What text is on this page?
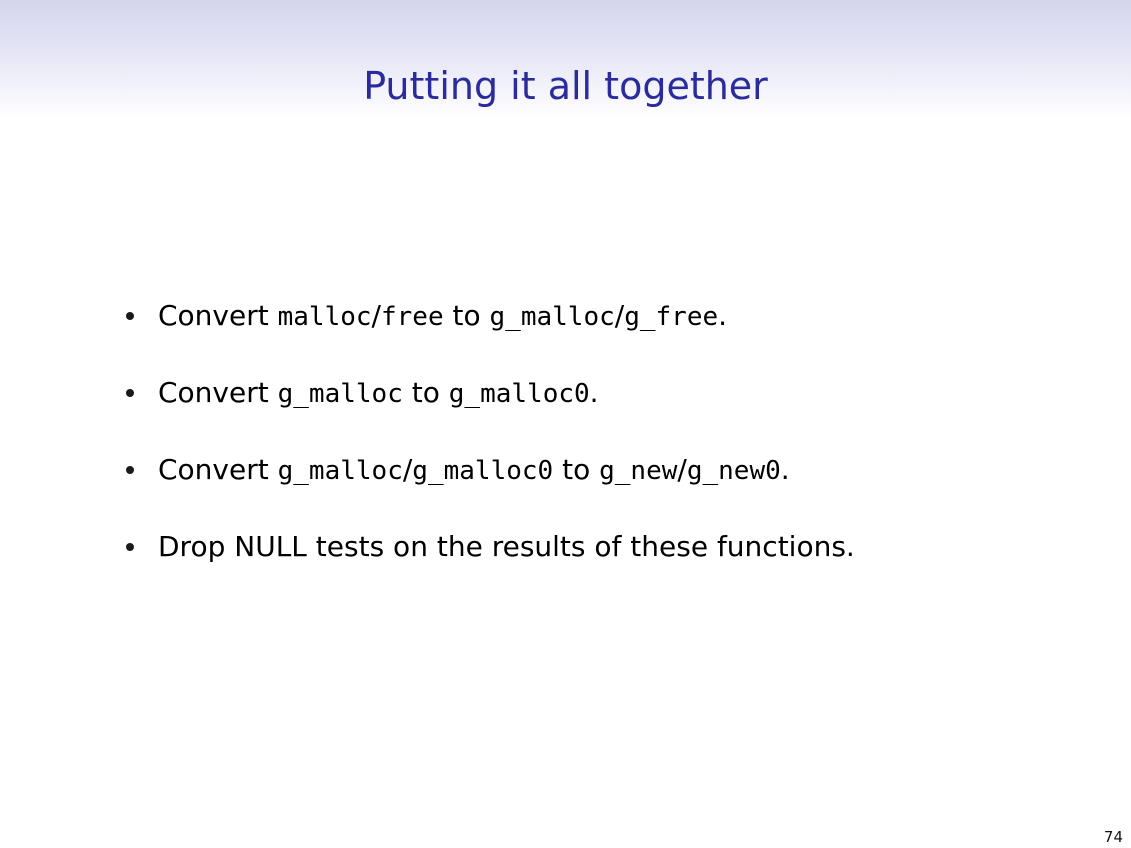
Putting it all together
Convert malloc/free to g_malloc/g_free.
Convert g_malloc to g_malloc0.
Convert g_malloc/g_malloc0 to g_new/g_new0.
Drop NULL tests on the results of these functions.
74
